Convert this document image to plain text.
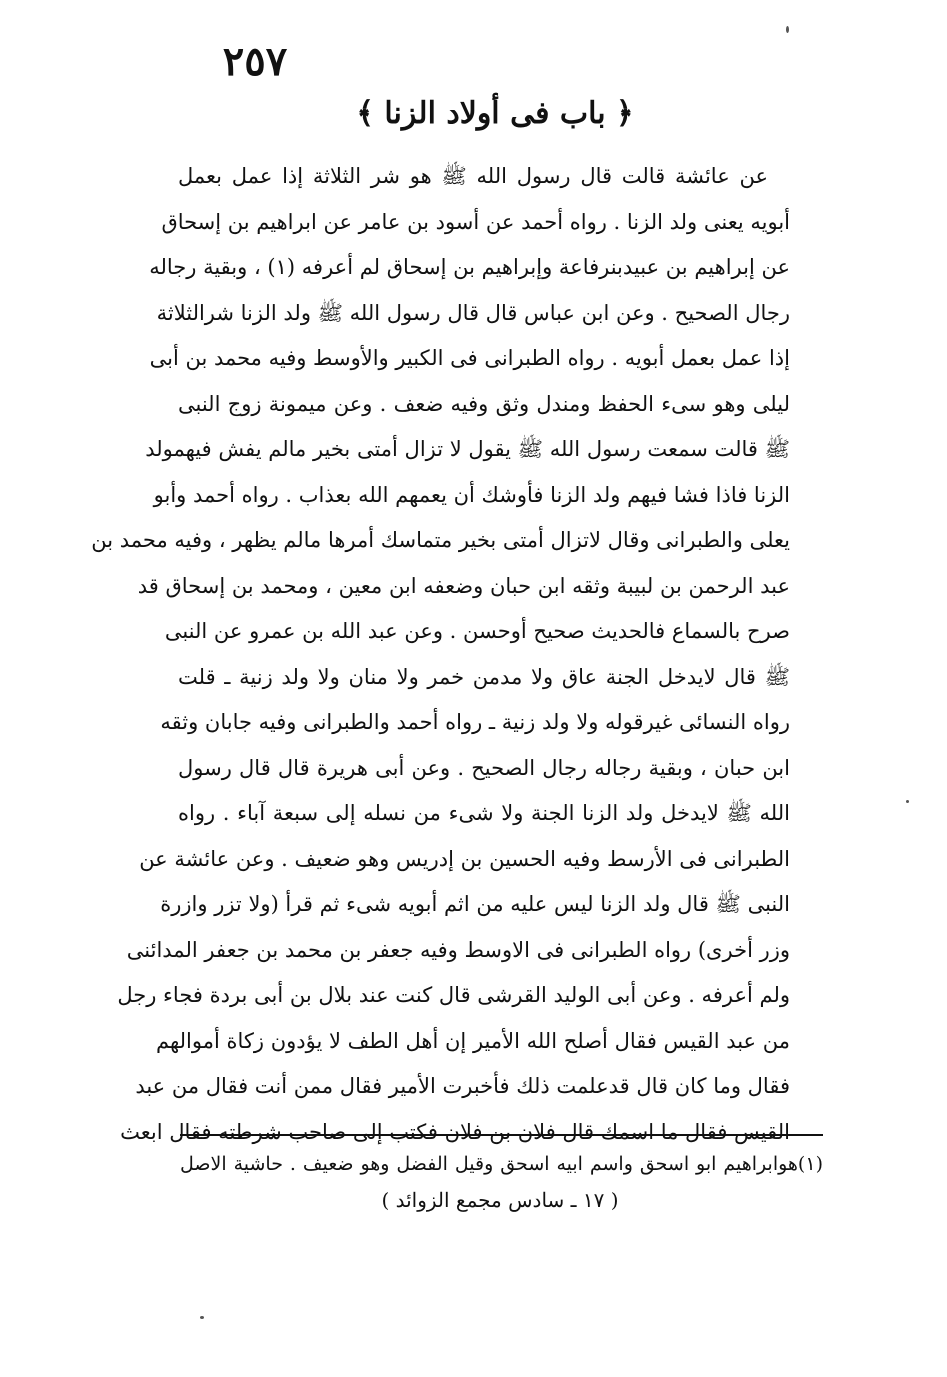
٢٥٧
﴿ باب فى أولاد الزنا ﴾
عن عائشة قالت قال رسول الله ﷺ هو شر الثلاثة إذا عمل بعمل
أبويه يعنى ولد الزنا . رواه أحمد عن أسود بن عامر عن ابراهيم بن إسحاق
عن إبراهيم بن عبيدبنرفاعة وإبراهيم بن إسحاق لم أعرفه (١) ، وبقية رجاله
رجال الصحيح . وعن ابن عباس قال قال رسول الله ﷺ ولد الزنا شرالثلاثة
إذا عمل بعمل أبويه . رواه الطبرانى فى الكبير والأوسط وفيه محمد بن أبى
ليلى وهو سىء الحفظ ومندل وثق وفيه ضعف . وعن ميمونة زوج النبى
ﷺ قالت سمعت رسول الله ﷺ يقول لا تزال أمتى بخير مالم يفش فيهمولد
الزنا فاذا فشا فيهم ولد الزنا فأوشك أن يعمهم الله بعذاب . رواه أحمد وأبو
يعلى والطبرانى وقال لاتزال أمتى بخير متماسك أمرها مالم يظهر ، وفيه محمد بن
عبد الرحمن بن لبيبة وثقه ابن حبان وضعفه ابن معين ، ومحمد بن إسحاق قد
صرح بالسماع فالحديث صحيح أوحسن . وعن عبد الله بن عمرو عن النبى
ﷺ قال لايدخل الجنة عاق ولا مدمن خمر ولا منان ولا ولد زنية ـ قلت
رواه النسائى غيرقوله ولا ولد زنية ـ رواه أحمد والطبرانى وفيه جابان وثقه
ابن حبان ، وبقية رجاله رجال الصحيح . وعن أبى هريرة قال قال رسول
الله ﷺ لايدخل ولد الزنا الجنة ولا شىء من نسله إلى سبعة آباء . رواه
الطبرانى فى الأرسط وفيه الحسين بن إدريس وهو ضعيف . وعن عائشة عن
النبى ﷺ قال ولد الزنا ليس عليه من اثم أبويه شىء ثم قرأ (ولا تزر وازرة
وزر أخرى) رواه الطبرانى فى الاوسط وفيه جعفر بن محمد بن جعفر المدائنى
ولم أعرفه . وعن أبى الوليد القرشى قال كنت عند بلال بن أبى بردة فجاء رجل
من عبد القيس فقال أصلح الله الأمير إن أهل الطف لا يؤدون زكاة أموالهم
فقال وما كان قال قدعلمت ذلك فأخبرت الأمير فقال ممن أنت فقال من عبد
القيس فقال ما اسمك قال فلان بن فلان فكتب إلى صاحب شرطته فقال ابعث
(١)هوابراهيم ابو اسحق واسم ابيه اسحق وقيل الفضل وهو ضعيف . حاشية الاصل
( ١٧ ـ سادس مجمع الزوائد )
